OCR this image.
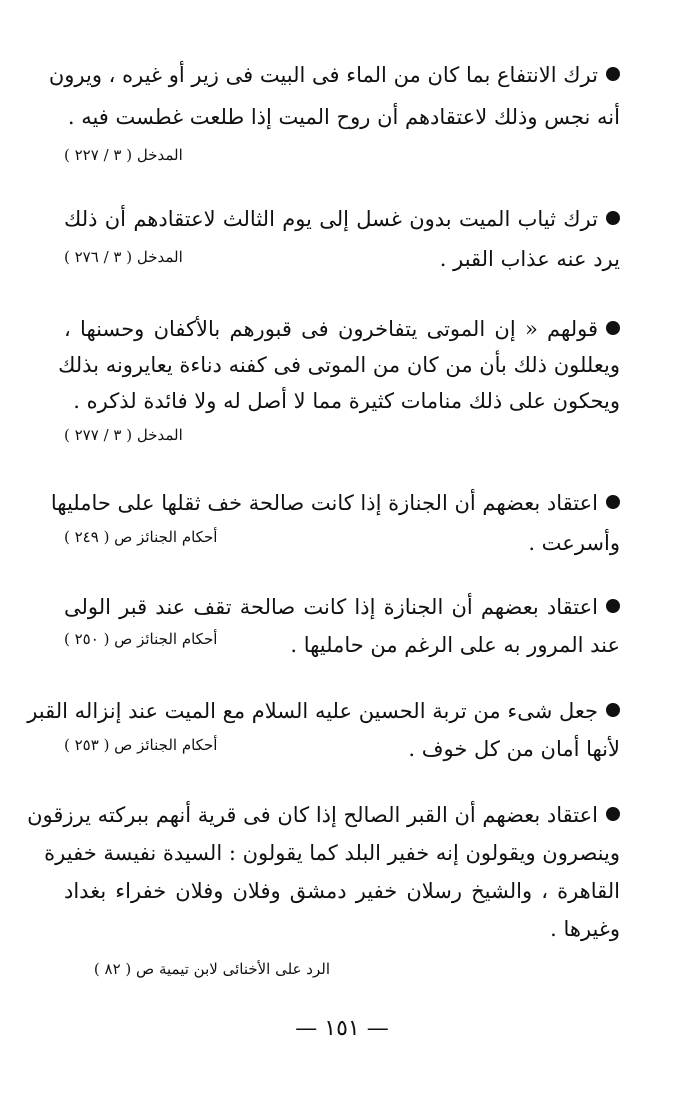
ترك الانتفاع بما كان من الماء فى البيت فى زير أو غيره ، ويرون
أنه نجس وذلك لاعتقادهم أن روح الميت إذا طلعت غطست فيه .
المدخل ( ٣ / ٢٢٧ )
ترك ثياب الميت بدون غسل إلى يوم الثالث لاعتقادهم أن ذلك
يرد عنه عذاب القبر .
المدخل ( ٣ / ٢٧٦ )
قولهم « إن الموتى يتفاخرون فى قبورهم بالأكفان وحسنها ،
ويعللون ذلك بأن من كان من الموتى فى كفنه دناءة يعايرونه بذلك
ويحكون على ذلك منامات كثيرة مما لا أصل له ولا فائدة لذكره .
المدخل ( ٣ / ٢٧٧ )
اعتقاد بعضهم أن الجنازة إذا كانت صالحة خف ثقلها على حامليها
وأسرعت .
أحكام الجنائز ص ( ٢٤٩ )
اعتقاد بعضهم أن الجنازة إذا كانت صالحة تقف عند قبر الولى
عند المرور به على الرغم من حامليها .
أحكام الجنائز ص ( ٢٥٠ )
جعل شىء من تربة الحسين عليه السلام مع الميت عند إنزاله القبر
لأنها أمان من كل خوف .
أحكام الجنائز ص ( ٢٥٣ )
اعتقاد بعضهم أن القبر الصالح إذا كان فى قرية أنهم ببركته يرزقون
وينصرون ويقولون إنه خفير البلد كما يقولون : السيدة نفيسة خفيرة
القاهرة ، والشيخ رسلان خفير دمشق وفلان وفلان خفراء بغداد
وغيرها .
الرد على الأخنائى لابن تيمية ص ( ٨٢ )
— ١٥١ —
